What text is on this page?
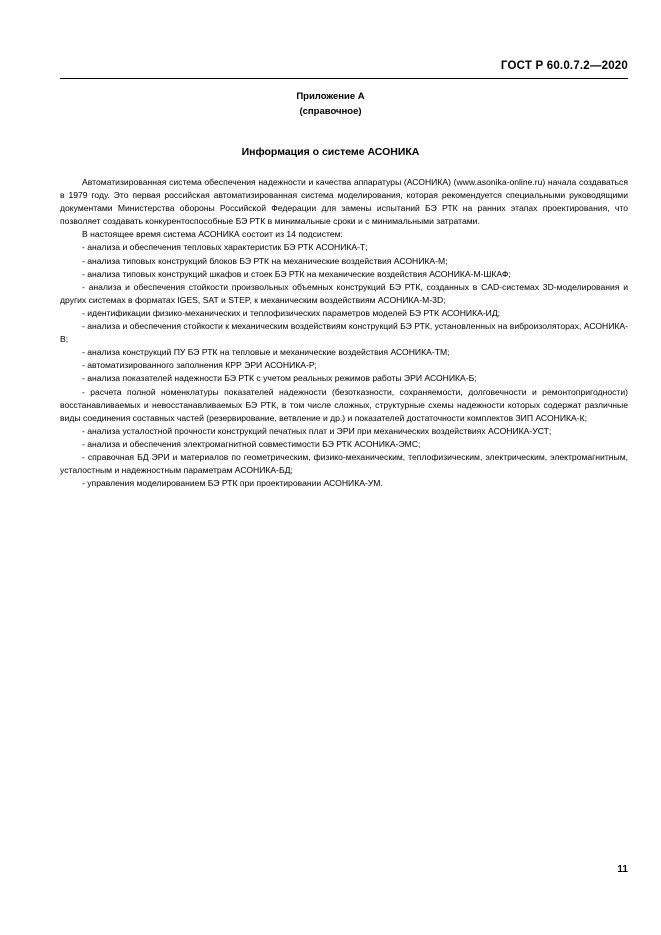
ГОСТ Р 60.0.7.2—2020
Приложение А
(справочное)
Информация о системе АСОНИКА

Автоматизированная система обеспечения надежности и качества аппаратуры (АСОНИКА) (www.asonika-online.ru) начала создаваться в 1979 году. Это первая российская автоматизированная система моделирования, которая рекомендуется специальными руководящими документами Министерства обороны Российской Федерации для замены испытаний БЭ РТК на ранних этапах проектирования, что позволяет создавать конкурентоспособные БЭ РТК в минимальные сроки и с минимальными затратами.

В настоящее время система АСОНИКА состоит из 14 подсистем:

- анализа и обеспечения тепловых характеристик БЭ РТК АСОНИКА-Т;

- анализа типовых конструкций блоков БЭ РТК на механические воздействия АСОНИКА-М;

- анализа типовых конструкций шкафов и стоек БЭ РТК на механические воздействия АСОНИКА-М-ШКАФ;

- анализа и обеспечения стойкости произвольных объемных конструкций БЭ РТК, созданных в CAD-системах 3D-моделирования и других системах в форматах IGES, SAT и STEP, к механическим воздействиям АСОНИКА-М-3D;

- идентификации физико-механических и теплофизических параметров моделей БЭ РТК АСОНИКА-ИД;

- анализа и обеспечения стойкости к механическим воздействиям конструкций БЭ РТК, установленных на виброизоляторах, АСОНИКА-В;

- анализа конструкций ПУ БЭ РТК на тепловые и механические воздействия АСОНИКА-ТМ;

- автоматизированного заполнения КРР ЭРИ АСОНИКА-Р;

- анализа показателей надежности БЭ РТК с учетом реальных режимов работы ЭРИ АСОНИКА-Б;

- расчета полной номенклатуры показателей надежности (безотказности, сохраняемости, долговечности и ремонтопригодности) восстанавливаемых и невосстанавливаемых БЭ РТК, в том числе сложных, структурные схемы надежности которых содержат различные виды соединения составных частей (резервирование, ветвление и др.) и показателей достаточности комплектов ЗИП АСОНИКА-К;

- анализа усталостной прочности конструкций печатных плат и ЭРИ при механических воздействиях АСОНИКА-УСТ;

- анализа и обеспечения электромагнитной совместимости БЭ РТК АСОНИКА-ЭМС;

- справочная БД ЭРИ и материалов по геометрическим, физико-механическим, теплофизическим, электрическим, электромагнитным, усталостным и надежностным параметрам АСОНИКА-БД;

- управления моделированием БЭ РТК при проектировании АСОНИКА-УМ.

11
